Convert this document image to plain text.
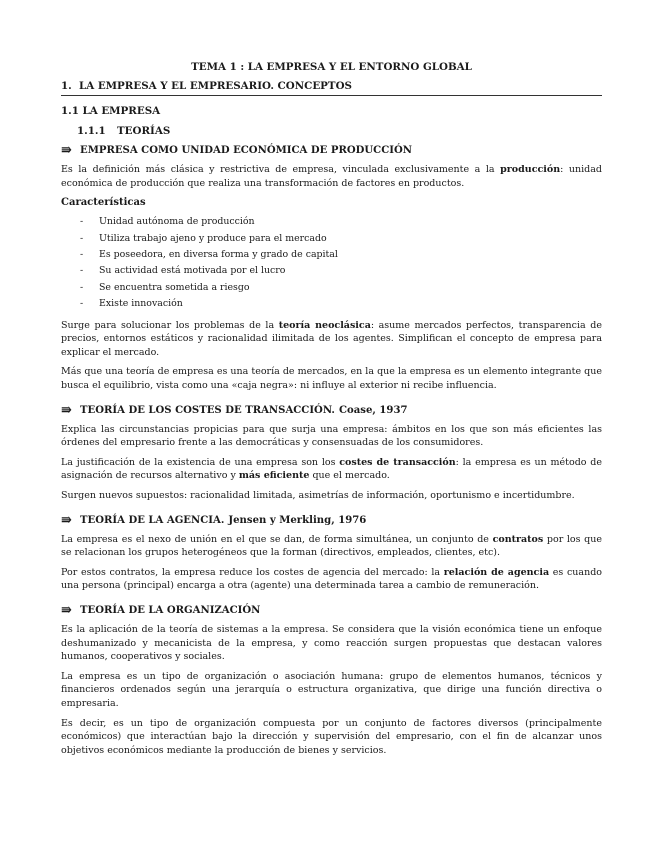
TEMA 1 : LA EMPRESA Y EL ENTORNO GLOBAL
1. LA EMPRESA Y EL EMPRESARIO. CONCEPTOS
1.1 LA EMPRESA
1.1.1 TEORÍAS
⇛ EMPRESA COMO UNIDAD ECONÓMICA DE PRODUCCIÓN

Es la definición más clásica y restrictiva de empresa, vinculada exclusivamente a la producción: unidad económica de producción que realiza una transformación de factores en productos.

Características
- Unidad autónoma de producción
- Utiliza trabajo ajeno y produce para el mercado
- Es poseedora, en diversa forma y grado de capital
- Su actividad está motivada por el lucro
- Se encuentra sometida a riesgo
- Existe innovación

Surge para solucionar los problemas de la teoría neoclásica: asume mercados perfectos, transparencia de precios, entornos estáticos y racionalidad ilimitada de los agentes. Simplifican el concepto de empresa para explicar el mercado.

Más que una teoría de empresa es una teoría de mercados, en la que la empresa es un elemento integrante que busca el equilibrio, vista como una «caja negra»: ni influye al exterior ni recibe influencia.

⇛ TEORÍA DE LOS COSTES DE TRANSACCIÓN. Coase, 1937

Explica las circunstancias propicias para que surja una empresa: ámbitos en los que son más eficientes las órdenes del empresario frente a las democráticas y consensuadas de los consumidores.

La justificación de la existencia de una empresa son los costes de transacción: la empresa es un método de asignación de recursos alternativo y más eficiente que el mercado.

Surgen nuevos supuestos: racionalidad limitada, asimetrías de información, oportunismo e incertidumbre.

⇛ TEORÍA DE LA AGENCIA. Jensen y Merkling, 1976

La empresa es el nexo de unión en el que se dan, de forma simultánea, un conjunto de contratos por los que se relacionan los grupos heterogéneos que la forman (directivos, empleados, clientes, etc).

Por estos contratos, la empresa reduce los costes de agencia del mercado: la relación de agencia es cuando una persona (principal) encarga a otra (agente) una determinada tarea a cambio de remuneración.

⇛ TEORÍA DE LA ORGANIZACIÓN

Es la aplicación de la teoría de sistemas a la empresa. Se considera que la visión económica tiene un enfoque deshumanizado y mecanicista de la empresa, y como reacción surgen propuestas que destacan valores humanos, cooperativos y sociales.

La empresa es un tipo de organización o asociación humana: grupo de elementos humanos, técnicos y financieros ordenados según una jerarquía o estructura organizativa, que dirige una función directiva o empresaria.

Es decir, es un tipo de organización compuesta por un conjunto de factores diversos (principalmente económicos) que interactúan bajo la dirección y supervisión del empresario, con el fin de alcanzar unos objetivos económicos mediante la producción de bienes y servicios.
